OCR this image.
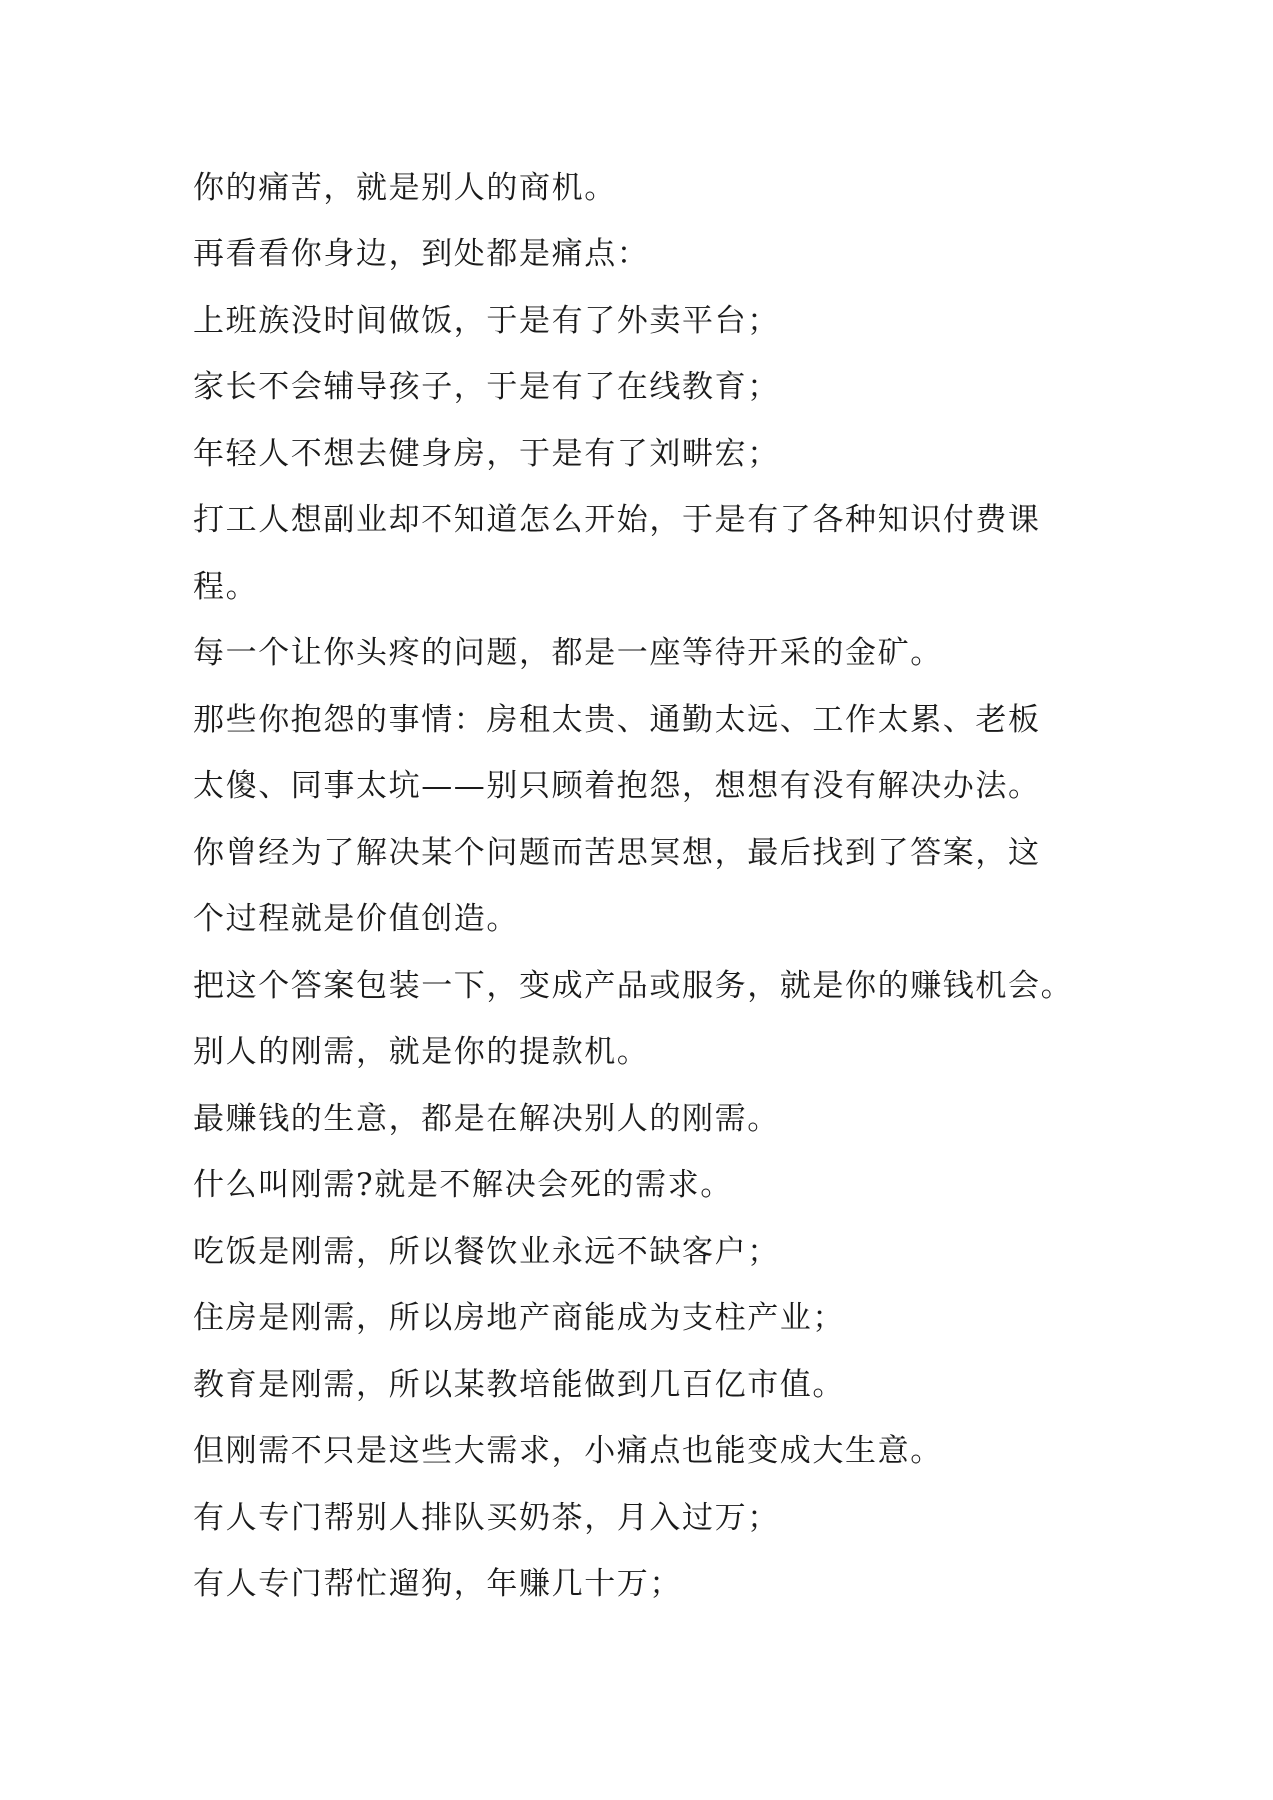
你的痛苦，就是别人的商机。

再看看你身边，到处都是痛点：

上班族没时间做饭，于是有了外卖平台；

家长不会辅导孩子，于是有了在线教育；

年轻人不想去健身房，于是有了刘畊宏；

打工人想副业却不知道怎么开始，于是有了各种知识付费课

程。

每一个让你头疼的问题，都是一座等待开采的金矿。

那些你抱怨的事情：房租太贵、通勤太远、工作太累、老板

太傻、同事太坑——别只顾着抱怨，想想有没有解决办法。

你曾经为了解决某个问题而苦思冥想，最后找到了答案，这

个过程就是价值创造。

把这个答案包装一下，变成产品或服务，就是你的赚钱机会。

别人的刚需，就是你的提款机。

最赚钱的生意，都是在解决别人的刚需。

什么叫刚需?就是不解决会死的需求。

吃饭是刚需，所以餐饮业永远不缺客户；

住房是刚需，所以房地产商能成为支柱产业；

教育是刚需，所以某教培能做到几百亿市值。

但刚需不只是这些大需求，小痛点也能变成大生意。

有人专门帮别人排队买奶茶，月入过万；

有人专门帮忙遛狗，年赚几十万；
